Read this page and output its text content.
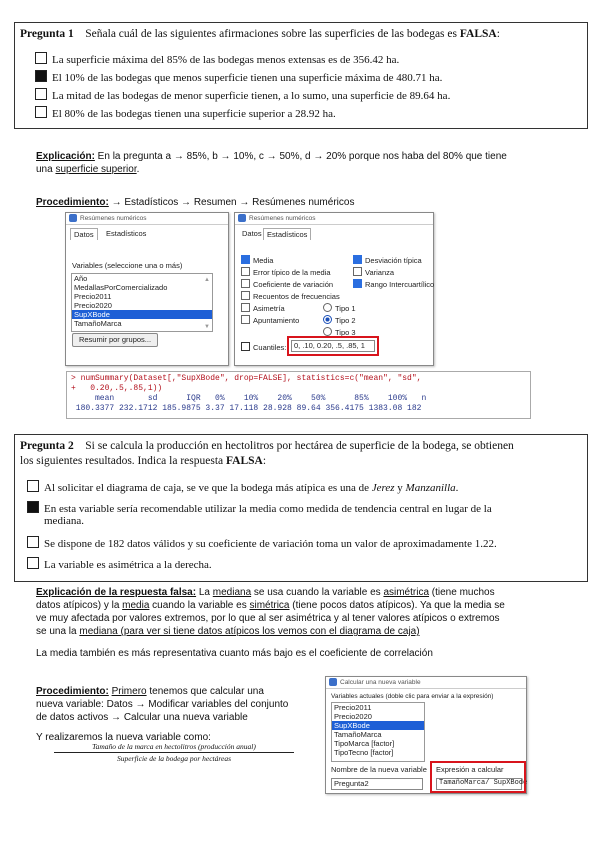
Pregunta 1 Señala cuál de las siguientes afirmaciones sobre las superficies de las bodegas es FALSA:
La superficie máxima del 85% de las bodegas menos extensas es de 356.42 ha.
El 10% de las bodegas que menos superficie tienen una superficie máxima de 480.71 ha.
La mitad de las bodegas de menor superficie tienen, a lo sumo, una superficie de 89.64 ha.
El 80% de las bodegas tienen una superficie superior a 28.92 ha.
Explicación: En la pregunta a → 85%, b → 10%, c → 50%, d → 20% porque nos haba del 80% que tiene
una superficie superior.
Procedimiento: → Estadísticos → Resumen → Resúmenes numéricos
Resúmenes numéricos
Datos	Estadísticos
Variables (seleccione una o más)
Año
MedallasPorComercializado
Precio2011
Precio2020
SupXBode
TamañoMarca
▲
▼
Resumir por grupos...
Resúmenes numéricos
Datos Estadísticos
Media
Error típico de la media
Coeficiente de variación
Recuentos de frecuencias
Asimetría
Apuntamiento
Desviación típica
Varianza
Rango Intercuartílico
Tipo 1
Tipo 2
Tipo 3
Cuantiles:	0, .10, 0.20, .5, .85, 1
> numSummary(Dataset[,"SupXBode", drop=FALSE], statistics=c("mean", "sd",
+   0.20,.5,.85,1))
mean       sd      IQR   0%    10%    20%    50%      85%    100%   n
180.3377 232.1712 185.9875 3.37 17.118 28.928 89.64 356.4175 1383.08 182
Pregunta 2 Si se calcula la producción en hectolitros por hectárea de superficie de la bodega, se obtienen
los siguientes resultados. Indica la respuesta FALSA:
Al solicitar el diagrama de caja, se ve que la bodega más atípica es una de Jerez y Manzanilla.
En esta variable sería recomendable utilizar la media como medida de tendencia central en lugar de la
mediana.
Se dispone de 182 datos válidos y su coeficiente de variación toma un valor de aproximadamente 1.22.
La variable es asimétrica a la derecha.
Explicación de la respuesta falsa: La mediana se usa cuando la variable es asimétrica (tiene muchos
datos atípicos) y la media cuando la variable es simétrica (tiene pocos datos atípicos). Ya que la media se
ve muy afectada por valores extremos, por lo que al ser asimétrica y al tener valores atípicos o extremos
se una la mediana (para ver si tiene datos atípicos los vemos con el diagrama de caja)
La media también es más representativa cuanto más bajo es el coeficiente de correlación
Procedimiento: Primero tenemos que calcular una
nueva variable: Datos → Modificar variables del conjunto
de datos activos → Calcular una nueva variable
Y realizaremos la nueva variable como:
Tamaño de la marca en hectolitros (producción anual)
Superficie de la bodega por hectáreas
Calcular una nueva variable
Variables actuales (doble clic para enviar a la expresión)
Precio2011
Precio2020
SupXBode
TamañoMarca
TipoMarca [factor]
TipoTecno [factor]
Nombre de la nueva variable
Pregunta2
Expresión a calcular
TamañoMarca/ SupXBode
